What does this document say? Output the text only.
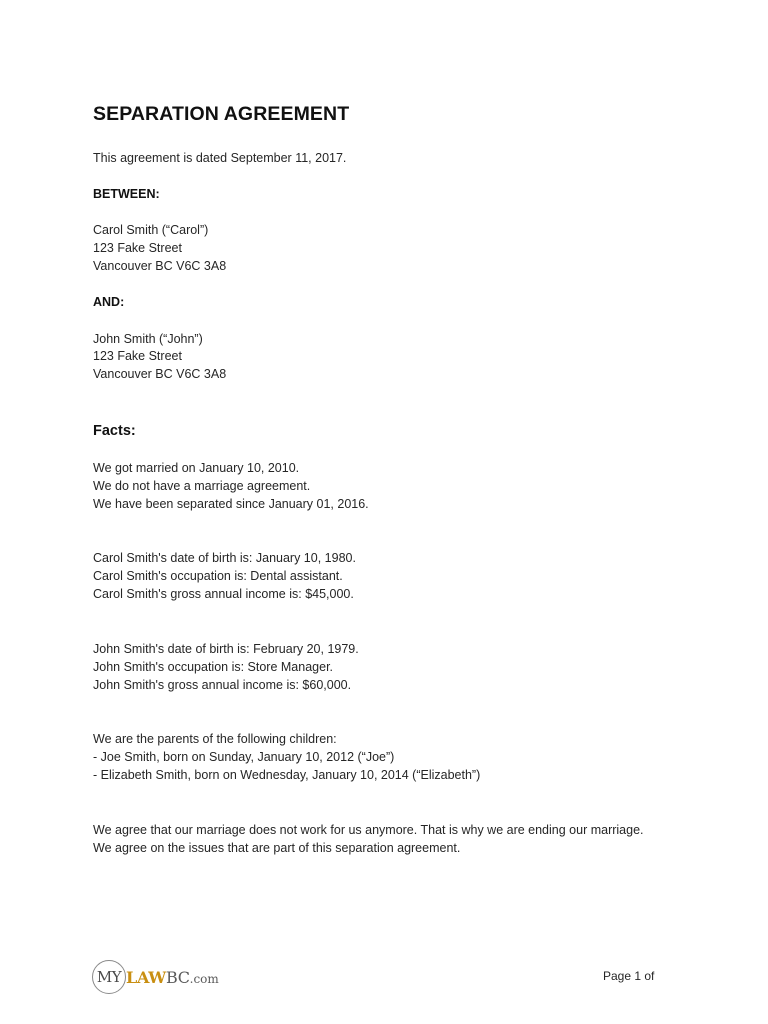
SEPARATION AGREEMENT
This agreement is dated September 11, 2017.
BETWEEN:
Carol Smith (“Carol”)
123 Fake Street
Vancouver BC V6C 3A8
AND:
John Smith (“John”)
123 Fake Street
Vancouver BC V6C 3A8
Facts:
We got married on January 10, 2010.
We do not have a marriage agreement.
We have been separated since January 01, 2016.
Carol Smith's date of birth is: January 10, 1980.
Carol Smith's occupation is: Dental assistant.
Carol Smith's gross annual income is: $45,000.
John Smith's date of birth is: February 20, 1979.
John Smith's occupation is: Store Manager.
John Smith's gross annual income is: $60,000.
We are the parents of the following children:
- Joe Smith, born on Sunday, January 10, 2012 (“Joe”)
- Elizabeth Smith, born on Wednesday, January 10, 2014 (“Elizabeth”)
We agree that our marriage does not work for us anymore. That is why we are ending our marriage.
We agree on the issues that are part of this separation agreement.
MY LAW BC .com	Page 1 of
